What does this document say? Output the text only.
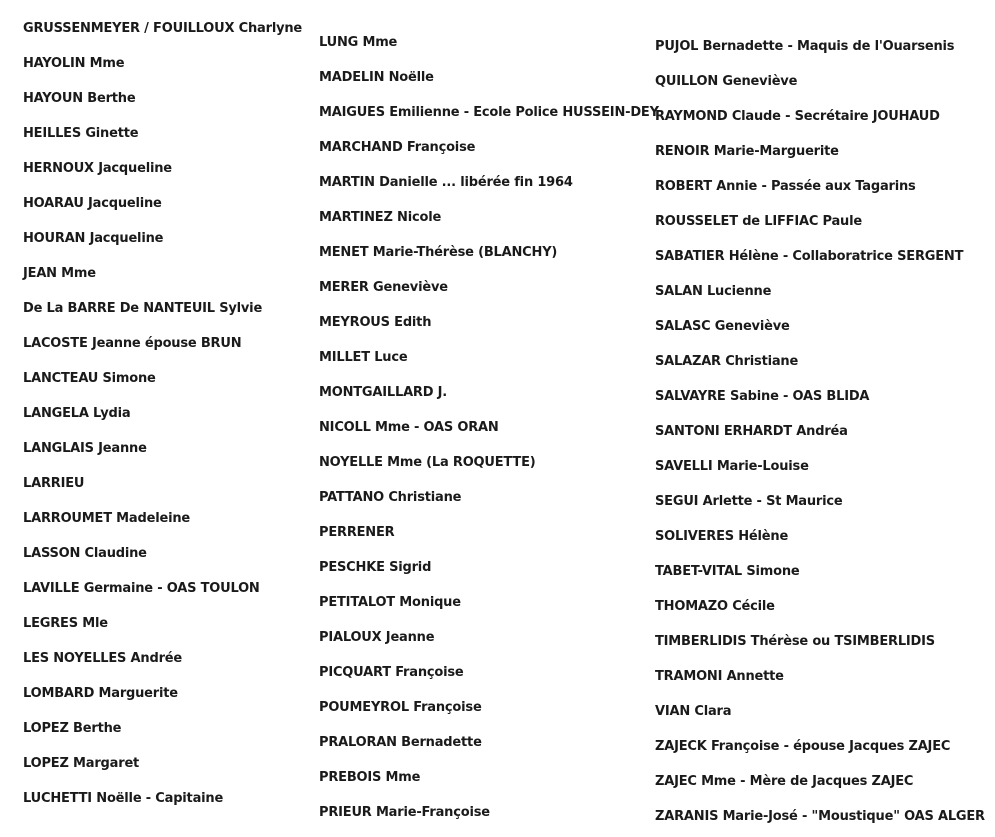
GRUSSENMEYER / FOUILLOUX Charlyne
HAYOLIN Mme
HAYOUN Berthe
HEILLES Ginette
HERNOUX Jacqueline
HOARAU Jacqueline
HOURAN Jacqueline
JEAN Mme
De La BARRE De NANTEUIL Sylvie
LACOSTE Jeanne épouse BRUN
LANCTEAU Simone
LANGELA Lydia
LANGLAIS Jeanne
LARRIEU
LARROUMET Madeleine
LASSON Claudine
LAVILLE Germaine - OAS TOULON
LEGRES Mle
LES NOYELLES Andrée
LOMBARD Marguerite
LOPEZ Berthe
LOPEZ Margaret
LUCHETTI Noëlle - Capitaine
LUNG Mme
MADELIN Noëlle
MAIGUES Emilienne - Ecole Police HUSSEIN-DEY
MARCHAND Françoise
MARTIN Danielle ... libérée fin 1964
MARTINEZ Nicole
MENET Marie-Thérèse (BLANCHY)
MERER Geneviève
MEYROUS Edith
MILLET Luce
MONTGAILLARD J.
NICOLL Mme - OAS ORAN
NOYELLE Mme (La ROQUETTE)
PATTANO Christiane
PERRENER
PESCHKE Sigrid
PETITALOT Monique
PIALOUX Jeanne
PICQUART Françoise
POUMEYROL Françoise
PRALORAN Bernadette
PREBOIS Mme
PRIEUR Marie-Françoise
PUJOL Bernadette - Maquis de l'Ouarsenis
QUILLON Geneviève
RAYMOND Claude - Secrétaire JOUHAUD
RENOIR Marie-Marguerite
ROBERT Annie - Passée aux Tagarins
ROUSSELET de LIFFIAC Paule
SABATIER Hélène - Collaboratrice SERGENT
SALAN Lucienne
SALASC Geneviève
SALAZAR Christiane
SALVAYRE Sabine - OAS BLIDA
SANTONI ERHARDT Andréa
SAVELLI Marie-Louise
SEGUI Arlette - St Maurice
SOLIVERES Hélène
TABET-VITAL Simone
THOMAZO Cécile
TIMBERLIDIS Thérèse ou TSIMBERLIDIS
TRAMONI Annette
VIAN Clara
ZAJECK Françoise - épouse Jacques ZAJEC
ZAJEC Mme - Mère de Jacques ZAJEC
ZARANIS Marie-José - "Moustique" OAS ALGER
